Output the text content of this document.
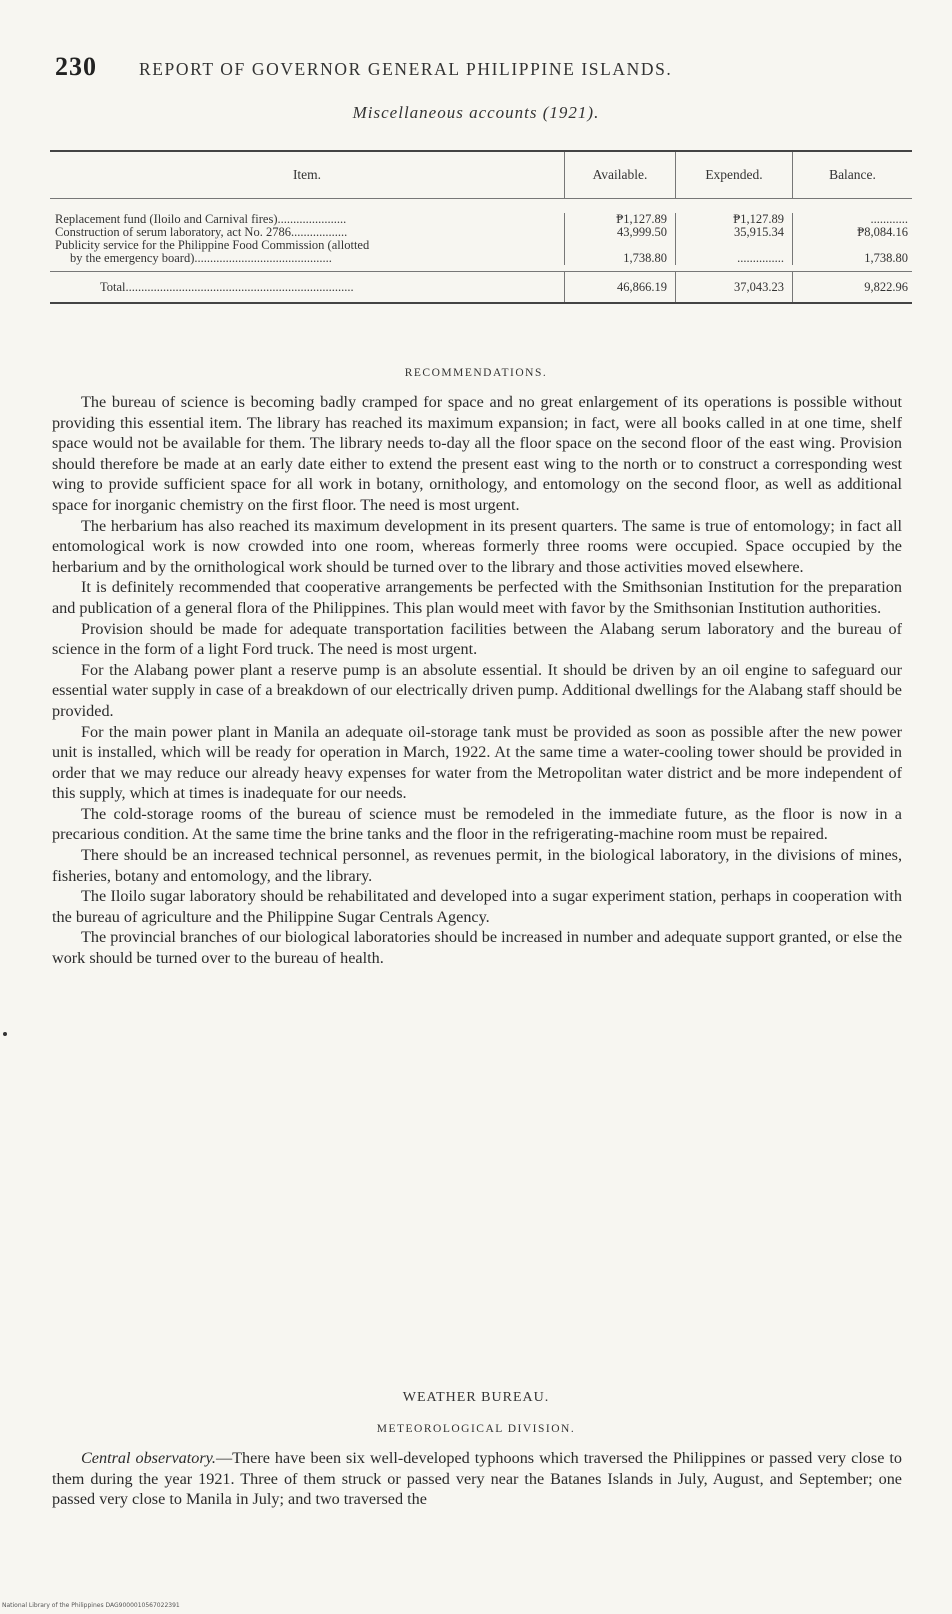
230 REPORT OF GOVERNOR GENERAL PHILIPPINE ISLANDS.
Miscellaneous accounts (1921).
Item.	Available.	Expended.	Balance.
Replacement fund (Iloilo and Carnival fires)......................	₱1,127.89	₱1,127.89	............
Construction of serum laboratory, act No. 2786..................	43,999.50	35,915.34	₱8,084.16
Publicity service for the Philippine Food Commission (allotted
by the emergency board)............................................	1,738.80	...............	1,738.80
Total.........................................................................	46,866.19	37,043.23	9,822.96
RECOMMENDATIONS.

The bureau of science is becoming badly cramped for space and no great enlargement of its operations is possible without providing this essential item. The library has reached its maximum expansion; in fact, were all books called in at one time, shelf space would not be available for them. The library needs to-day all the floor space on the second floor of the east wing. Provision should therefore be made at an early date either to extend the present east wing to the north or to construct a corresponding west wing to provide sufficient space for all work in botany, ornithology, and entomology on the second floor, as well as additional space for inorganic chemistry on the first floor. The need is most urgent.

The herbarium has also reached its maximum development in its present quarters. The same is true of entomology; in fact all entomological work is now crowded into one room, whereas formerly three rooms were occupied. Space occupied by the herbarium and by the ornithological work should be turned over to the library and those activities moved elsewhere.

It is definitely recommended that cooperative arrangements be perfected with the Smithsonian Institution for the preparation and publication of a general flora of the Philippines. This plan would meet with favor by the Smithsonian Institution authorities.

Provision should be made for adequate transportation facilities between the Alabang serum laboratory and the bureau of science in the form of a light Ford truck. The need is most urgent.

For the Alabang power plant a reserve pump is an absolute essential. It should be driven by an oil engine to safeguard our essential water supply in case of a breakdown of our electrically driven pump. Additional dwellings for the Alabang staff should be provided.

For the main power plant in Manila an adequate oil-storage tank must be provided as soon as possible after the new power unit is installed, which will be ready for operation in March, 1922. At the same time a water-cooling tower should be provided in order that we may reduce our already heavy expenses for water from the Metropolitan water district and be more independent of this supply, which at times is inadequate for our needs.

The cold-storage rooms of the bureau of science must be remodeled in the immediate future, as the floor is now in a precarious condition. At the same time the brine tanks and the floor in the refrigerating-machine room must be repaired.

There should be an increased technical personnel, as revenues permit, in the biological laboratory, in the divisions of mines, fisheries, botany and entomology, and the library.

The Iloilo sugar laboratory should be rehabilitated and developed into a sugar experiment station, perhaps in cooperation with the bureau of agriculture and the Philippine Sugar Centrals Agency.

The provincial branches of our biological laboratories should be increased in number and adequate support granted, or else the work should be turned over to the bureau of health.

WEATHER BUREAU.
METEOROLOGICAL DIVISION.

Central observatory.—There have been six well-developed typhoons which traversed the Philippines or passed very close to them during the year 1921. Three of them struck or passed very near the Batanes Islands in July, August, and September; one passed very close to Manila in July; and two traversed the

National Library of the Philippines DAG9000010567022391
